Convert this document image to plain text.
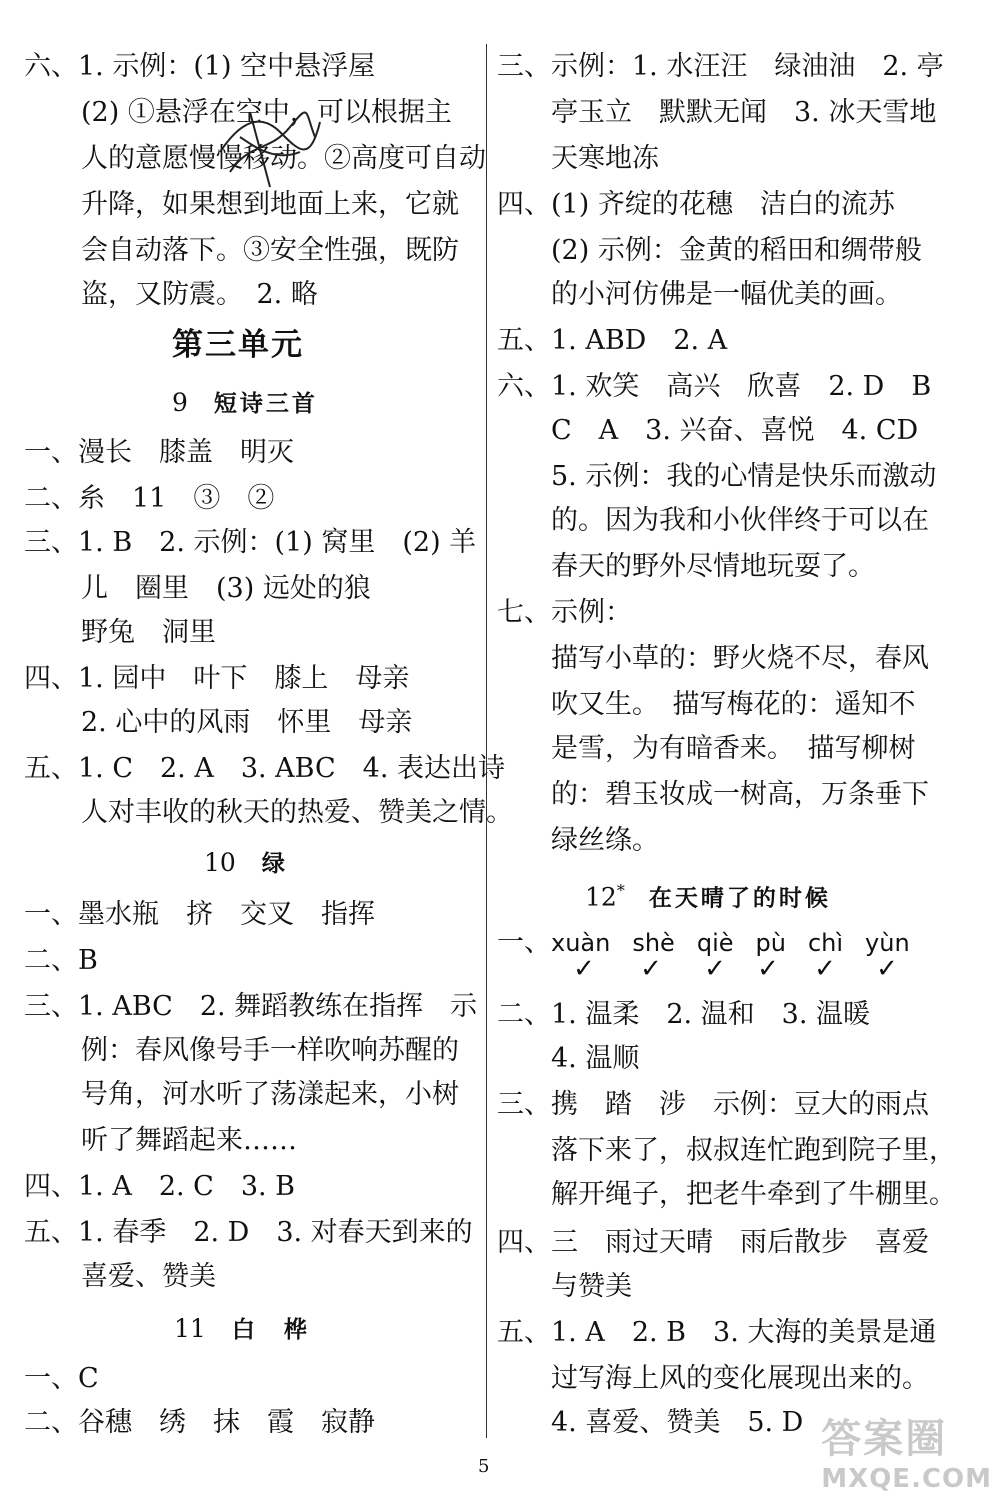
六、1. 示例：(1) 空中悬浮屋
(2) ①悬浮在空中，可以根据主
人的意愿慢慢移动。②高度可自动
升降，如果想到地面上来，它就
会自动落下。③安全性强，既防
盗，又防震。　2. 略
第三单元
9 短诗三首
一、漫长　膝盖　明灭
二、糸　11　③　②
三、1. B　2. 示例：(1) 窝里　(2) 羊
儿　圈里　(3) 远处的狼
野兔　洞里
四、1. 园中　叶下　膝上　母亲
2. 心中的风雨　怀里　母亲
五、1. C　2. A　3. ABC　4. 表达出诗
人对丰收的秋天的热爱、赞美之情。
10 绿
一、墨水瓶　挤　交叉　指挥
二、B
三、1. ABC　2. 舞蹈教练在指挥　示
例：春风像号手一样吹响苏醒的
号角，河水听了荡漾起来，小树
听了舞蹈起来……
四、1. A　2. C　3. B
五、1. 春季　2. D　3. 对春天到来的
喜爱、赞美
11 白　桦
一、C
二、谷穗　绣　抹　霞　寂静
三、示例：1. 水汪汪　绿油油　2. 亭
亭玉立　默默无闻　3. 冰天雪地
天寒地冻
四、(1) 齐绽的花穗　洁白的流苏
(2) 示例：金黄的稻田和绸带般
的小河仿佛是一幅优美的画。
五、1. ABD　2. A
六、1. 欢笑　高兴　欣喜　2. D　B
C　A　3. 兴奋、喜悦　4. CD
5. 示例：我的心情是快乐而激动
的。因为我和小伙伴终于可以在
春天的野外尽情地玩耍了。
七、示例：
描写小草的：野火烧不尽，春风
吹又生。　描写梅花的：遥知不
是雪，为有暗香来。　描写柳树
的：碧玉妆成一树高，万条垂下
绿丝绦。
12* 在天晴了的时候
一、xuàn shè qiè pù chì yùn
✓ ✓ ✓ ✓ ✓ ✓
二、1. 温柔　2. 温和　3. 温暖
4. 温顺
三、携　踏　涉　示例：豆大的雨点
落下来了，叔叔连忙跑到院子里，
解开绳子，把老牛牵到了牛棚里。
四、三　雨过天晴　雨后散步　喜爱
与赞美
五、1. A　2. B　3. 大海的美景是通
过写海上风的变化展现出来的。
4. 喜爱、赞美　5. D
5
答案圈
MXQE.COM
